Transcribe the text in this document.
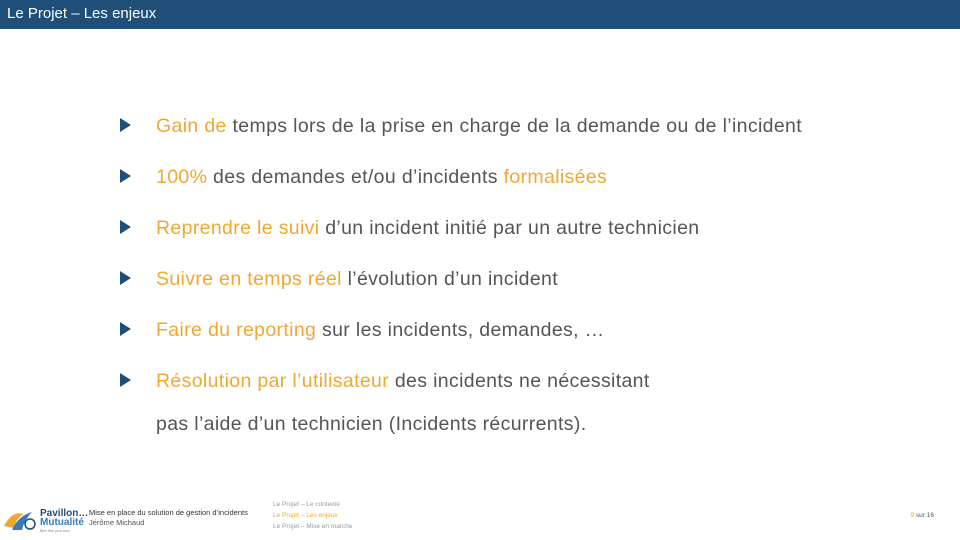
Le Projet – Les enjeux
Gain de temps lors de la prise en charge de la demande ou de l’incident
100% des demandes et/ou d’incidents formalisées
Reprendre le suivi d’un incident initié par un autre technicien
Suivre en temps réel l’évolution d’un incident
Faire du reporting sur les incidents, demandes, …
Résolution par l’utilisateur des incidents ne nécessitant
pas l’aide d’un technicien (Incidents récurrents).
Pavillon…
Mutualité
Bien être pour tous
Mise en place du solution de gestion d’incidents
Jérôme Michaud
Le Projet – Le contexte
Le Projet – Les enjeux
Le Projet – Mise en marche
9 sur 16
